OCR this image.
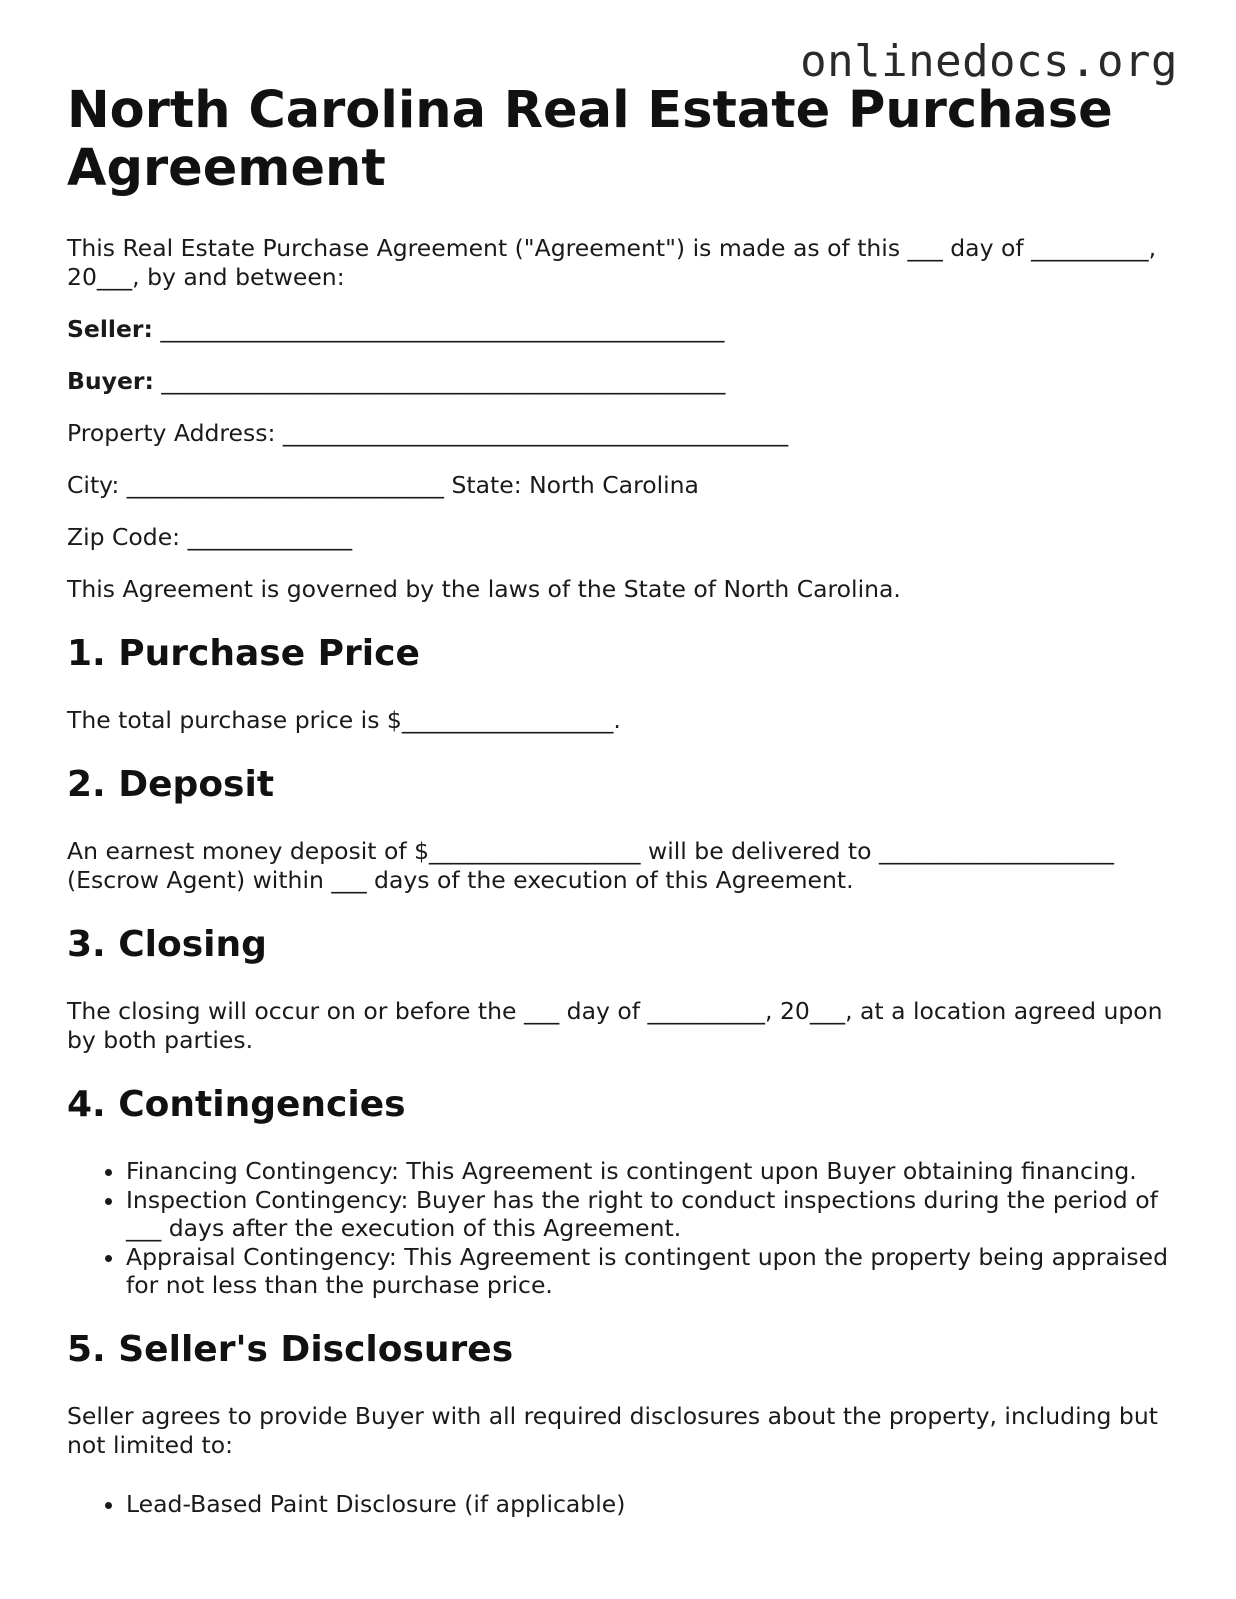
onlinedocs.org
North Carolina Real Estate Purchase Agreement

This Real Estate Purchase Agreement ("Agreement") is made as of this ___ day of __________, 20___, by and between:

Seller: ________________________________________________

Buyer: ________________________________________________

Property Address: ___________________________________________

City: ___________________________ State: North Carolina

Zip Code: ______________

This Agreement is governed by the laws of the State of North Carolina.

1. Purchase Price

The total purchase price is $__________________.

2. Deposit

An earnest money deposit of $__________________ will be delivered to ____________________ (Escrow Agent) within ___ days of the execution of this Agreement.

3. Closing

The closing will occur on or before the ___ day of __________, 20___, at a location agreed upon by both parties.

4. Contingencies
• Financing Contingency: This Agreement is contingent upon Buyer obtaining financing.
• Inspection Contingency: Buyer has the right to conduct inspections during the period of ___ days after the execution of this Agreement.
• Appraisal Contingency: This Agreement is contingent upon the property being appraised for not less than the purchase price.
5. Seller's Disclosures

Seller agrees to provide Buyer with all required disclosures about the property, including but not limited to:

• Lead-Based Paint Disclosure (if applicable)
